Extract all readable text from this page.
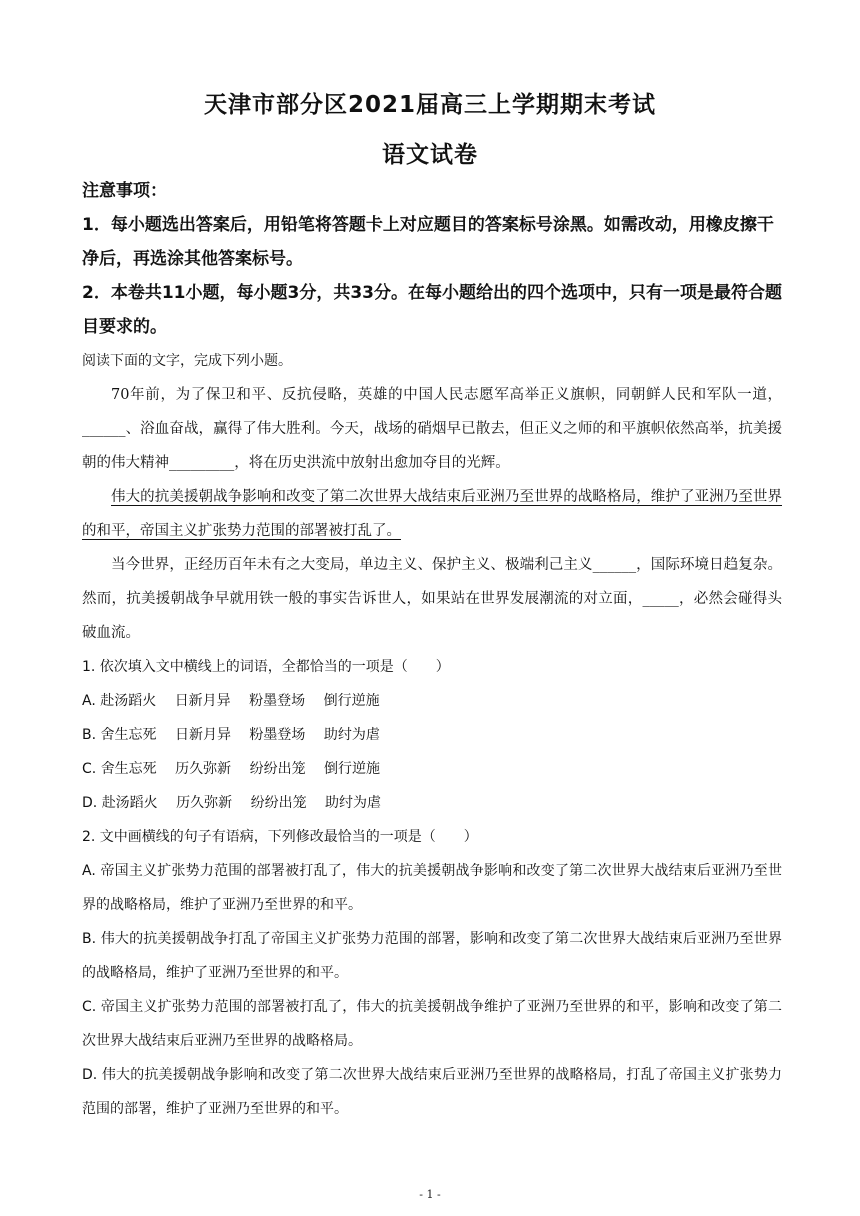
天津市部分区2021届高三上学期期末考试
语文试卷

注意事项：

1．每小题选出答案后，用铅笔将答题卡上对应题目的答案标号涂黑。如需改动，用橡皮擦干净后，再选涂其他答案标号。

2．本卷共11小题，每小题3分，共33分。在每小题给出的四个选项中，只有一项是最符合题目要求的。

阅读下面的文字，完成下列小题。

70年前，为了保卫和平、反抗侵略，英雄的中国人民志愿军高举正义旗帜，同朝鲜人民和军队一道，______、浴血奋战，赢得了伟大胜利。今天，战场的硝烟早已散去，但正义之师的和平旗帜依然高举，抗美援朝的伟大精神_________，将在历史洪流中放射出愈加夺目的光辉。

伟大的抗美援朝战争影响和改变了第二次世界大战结束后亚洲乃至世界的战略格局，维护了亚洲乃至世界的和平，帝国主义扩张势力范围的部署被打乱了。

当今世界，正经历百年未有之大变局，单边主义、保护主义、极端利己主义______，国际环境日趋复杂。然而，抗美援朝战争早就用铁一般的事实告诉世人，如果站在世界发展潮流的对立面，_____，必然会碰得头破血流。

1. 依次填入文中横线上的词语，全都恰当的一项是（　　）

A. 赴汤蹈火 日新月异 粉墨登场 倒行逆施

B. 舍生忘死 日新月异 粉墨登场 助纣为虐

C. 舍生忘死 历久弥新 纷纷出笼 倒行逆施

D. 赴汤蹈火 历久弥新 纷纷出笼 助纣为虐

2. 文中画横线的句子有语病，下列修改最恰当的一项是（　　）

A. 帝国主义扩张势力范围的部署被打乱了，伟大的抗美援朝战争影响和改变了第二次世界大战结束后亚洲乃至世界的战略格局，维护了亚洲乃至世界的和平。

B. 伟大的抗美援朝战争打乱了帝国主义扩张势力范围的部署，影响和改变了第二次世界大战结束后亚洲乃至世界的战略格局，维护了亚洲乃至世界的和平。

C. 帝国主义扩张势力范围的部署被打乱了，伟大的抗美援朝战争维护了亚洲乃至世界的和平，影响和改变了第二次世界大战结束后亚洲乃至世界的战略格局。

D. 伟大的抗美援朝战争影响和改变了第二次世界大战结束后亚洲乃至世界的战略格局，打乱了帝国主义扩张势力范围的部署，维护了亚洲乃至世界的和平。

- 1 -
